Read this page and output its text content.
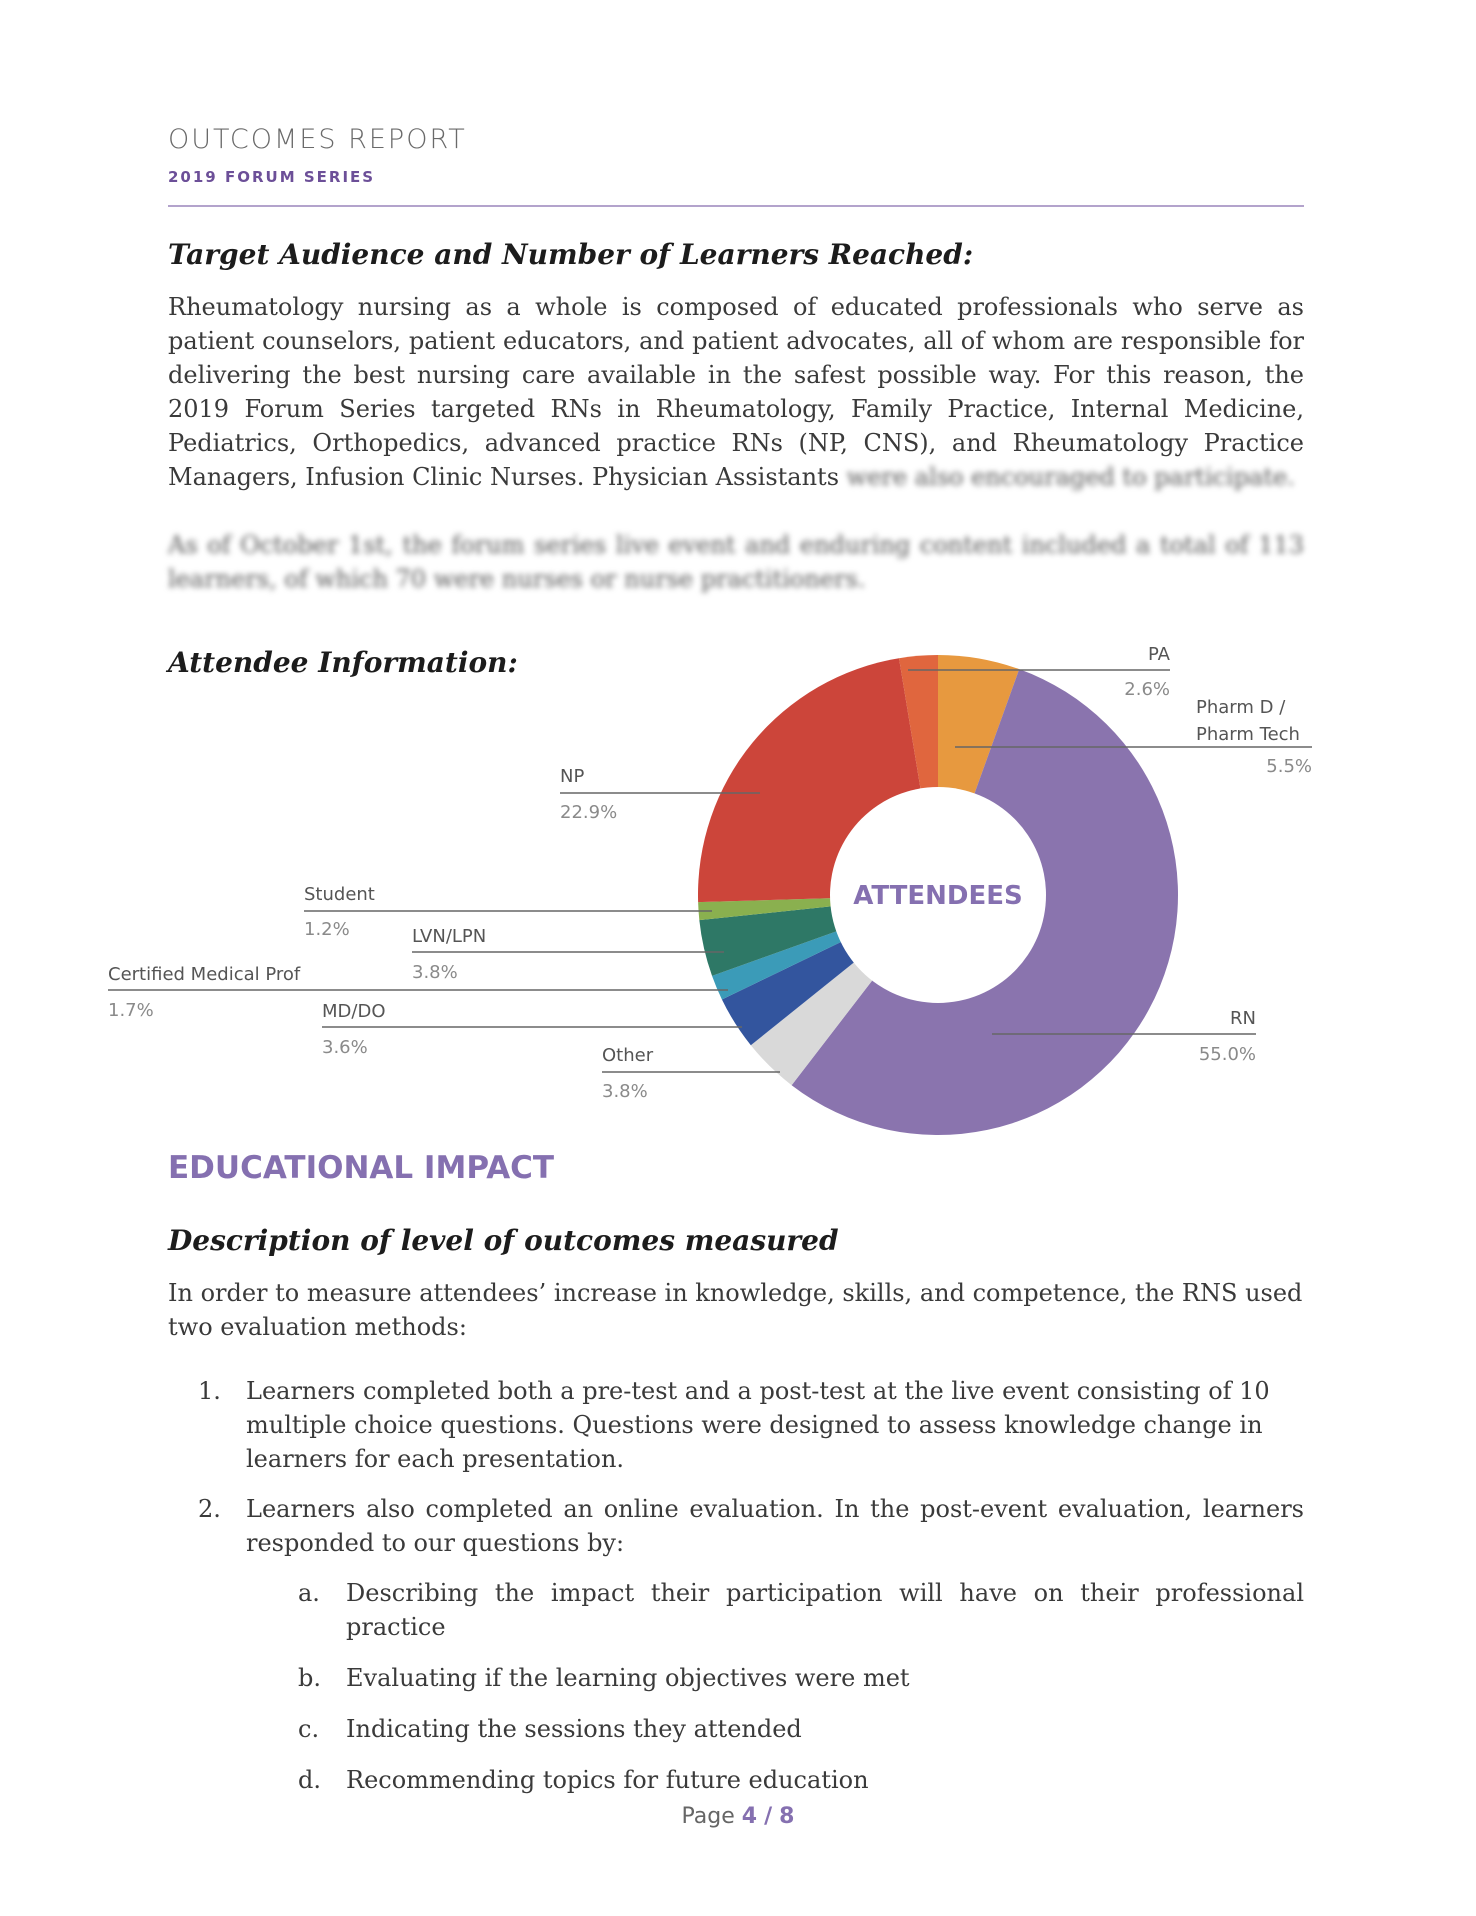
OUTCOMES REPORT
2019 FORUM SERIES
Target Audience and Number of Learners Reached:

Rheumatology nursing as a whole is composed of educated professionals who serve as patient counselors, patient educators, and patient advocates, all of whom are responsible for delivering the best nursing care available in the safest possible way. For this reason, the 2019 Forum Series targeted RNs in Rheumatology, Family Practice, Internal Medicine, Pediatrics, Orthopedics, advanced practice RNs (NP, CNS), and Rheumatology Practice Managers, Infusion Clinic Nurses. Physician Assistants were also encouraged to participate.

As of October 1st, the forum series live event and enduring content included a total of 113 learners, of which 70 were nurses or nurse practitioners.

Attendee Information:
ATTENDEES
PA
2.6%
Pharm D /
Pharm Tech
5.5%
NP
22.9%
Student
1.2%	LVN/LPN
3.8%
Certified Medical Prof
1.7%	MD/DO
3.6%	Other
3.8%
RN
55.0%
EDUCATIONAL IMPACT
Description of level of outcomes measured

In order to measure attendees’ increase in knowledge, skills, and competence, the RNS used two evaluation methods:

1. Learners completed both a pre-test and a post-test at the live event consisting of 10 multiple choice questions. Questions were designed to assess knowledge change in learners for each presentation.
2. Learners also completed an online evaluation. In the post-event evaluation, learners responded to our questions by:
a. Describing the impact their participation will have on their professional practice
b. Evaluating if the learning objectives were met
c. Indicating the sessions they attended
d. Recommending topics for future education
Page 4 / 8
